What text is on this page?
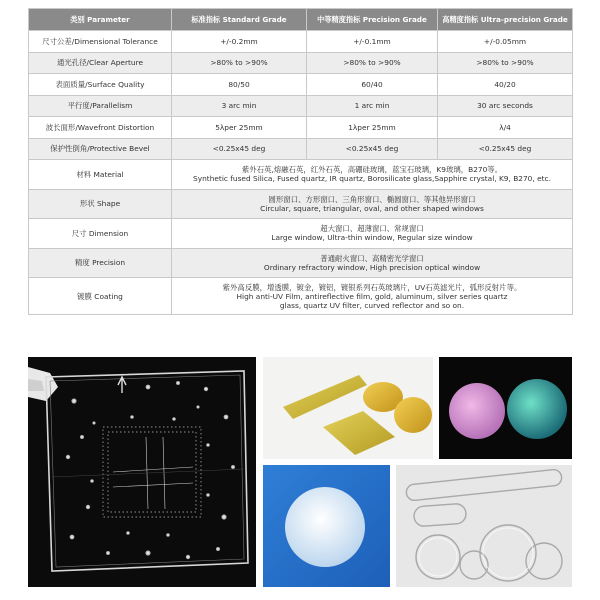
类别 Parameter	标准指标 Standard Grade	中等精度指标 Precision Grade	高精度指标 Ultra-precision Grade
尺寸公差/Dimensional Tolerance	+/-0.2mm	+/-0.1mm	+/-0.05mm
通光孔径/Clear Aperture	>80% to >90%	>80% to >90%	>80% to >90%
表面质量/Surface Quality	80/50	60/40	40/20
平行度/Parallelism	3 arc min	1 arc min	30 arc seconds
波长面形/Wavefront Distortion	5λper 25mm	1λper 25mm	λ/4
保护性倒角/Protective Bevel	<0.25x45 deg	<0.25x45 deg	<0.25x45 deg
材料 Material	紫外石英,熔融石英，红外石英，高硼硅玻璃，蓝宝石玻璃，K9玻璃，B270等。
Synthetic fused Silica, Fused quartz, IR quartz, Borosilicate glass,Sapphire crystal, K9, B270, etc.		

形状 Shape	圆形窗口、方形窗口、三角形窗口、椭圆窗口、等其他异形窗口
Circular, square, triangular, oval, and other shaped windows		

尺寸 Dimension	超大窗口、超薄窗口、常规窗口
Large window, Ultra-thin window, Regular size window		

精度 Precision	普通耐火窗口、高精密光学窗口
Ordinary refractory window, High precision optical window		

镀膜 Coating	紫外高反膜，增透膜，镀金，镀铝，镀银系列石英玻璃片，UV石英滤光片，弧形反射片等。
High anti-UV Film, antireflective film, gold, aluminum, silver series quartz
glass, quartz UV filter, curved reflector and so on.		
